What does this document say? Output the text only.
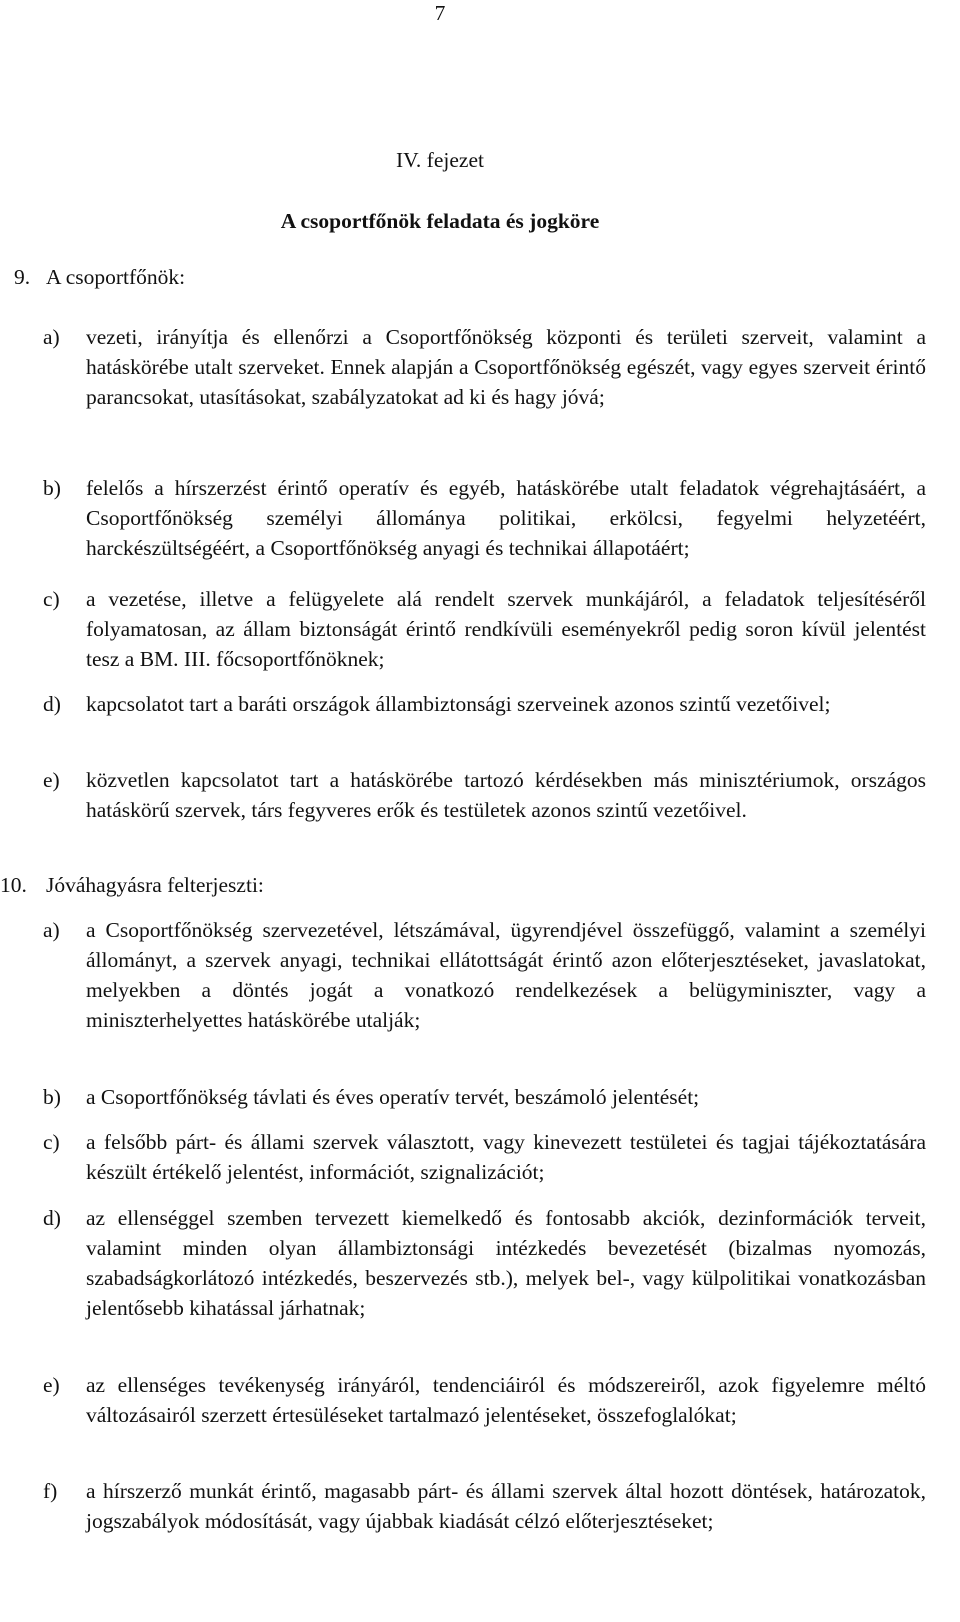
7
IV. fejezet
A csoportfőnök feladata és jogköre
9. A csoportfőnök:
a) vezeti, irányítja és ellenőrzi a Csoportfőnökség központi és területi szerveit, valamint a hatáskörébe utalt szerveket. Ennek alapján a Csoportfőnökség egészét, vagy egyes szerveit érintő parancsokat, utasításokat, szabályzatokat ad ki és hagy jóvá;
b) felelős a hírszerzést érintő operatív és egyéb, hatáskörébe utalt feladatok végrehajtásáért, a Csoportfőnökség személyi állománya politikai, erkölcsi, fegyelmi helyzetéért, harckészültségéért, a Csoportfőnökség anyagi és technikai állapotáért;
c) a vezetése, illetve a felügyelete alá rendelt szervek munkájáról, a feladatok teljesítéséről folyamatosan, az állam biztonságát érintő rendkívüli eseményekről pedig soron kívül jelentést tesz a BM. III. főcsoportfőnöknek;
d) kapcsolatot tart a baráti országok állambiztonsági szerveinek azonos szintű vezetőivel;
e) közvetlen kapcsolatot tart a hatáskörébe tartozó kérdésekben más minisztériumok, országos hatáskörű szervek, társ fegyveres erők és testületek azonos szintű vezetőivel.
10. Jóváhagyásra felterjeszti:
a) a Csoportfőnökség szervezetével, létszámával, ügyrendjével összefüggő, valamint a személyi állományt, a szervek anyagi, technikai ellátottságát érintő azon előterjesztéseket, javaslatokat, melyekben a döntés jogát a vonatkozó rendelkezések a belügyminiszter, vagy a miniszterhelyettes hatáskörébe utalják;
b) a Csoportfőnökség távlati és éves operatív tervét, beszámoló jelentését;
c) a felsőbb párt- és állami szervek választott, vagy kinevezett testületei és tagjai tájékoztatására készült értékelő jelentést, információt, szignalizációt;
d) az ellenséggel szemben tervezett kiemelkedő és fontosabb akciók, dezinformációk terveit, valamint minden olyan állambiztonsági intézkedés bevezetését (bizalmas nyomozás, szabadságkorlátozó intézkedés, beszervezés stb.), melyek bel-, vagy külpolitikai vonatkozásban jelentősebb kihatással járhatnak;
e) az ellenséges tevékenység irányáról, tendenciáiról és módszereiről, azok figyelemre méltó változásairól szerzett értesüléseket tartalmazó jelentéseket, összefoglalókat;
f) a hírszerző munkát érintő, magasabb párt- és állami szervek által hozott döntések, határozatok, jogszabályok módosítását, vagy újabbak kiadását célzó előterjesztéseket;
